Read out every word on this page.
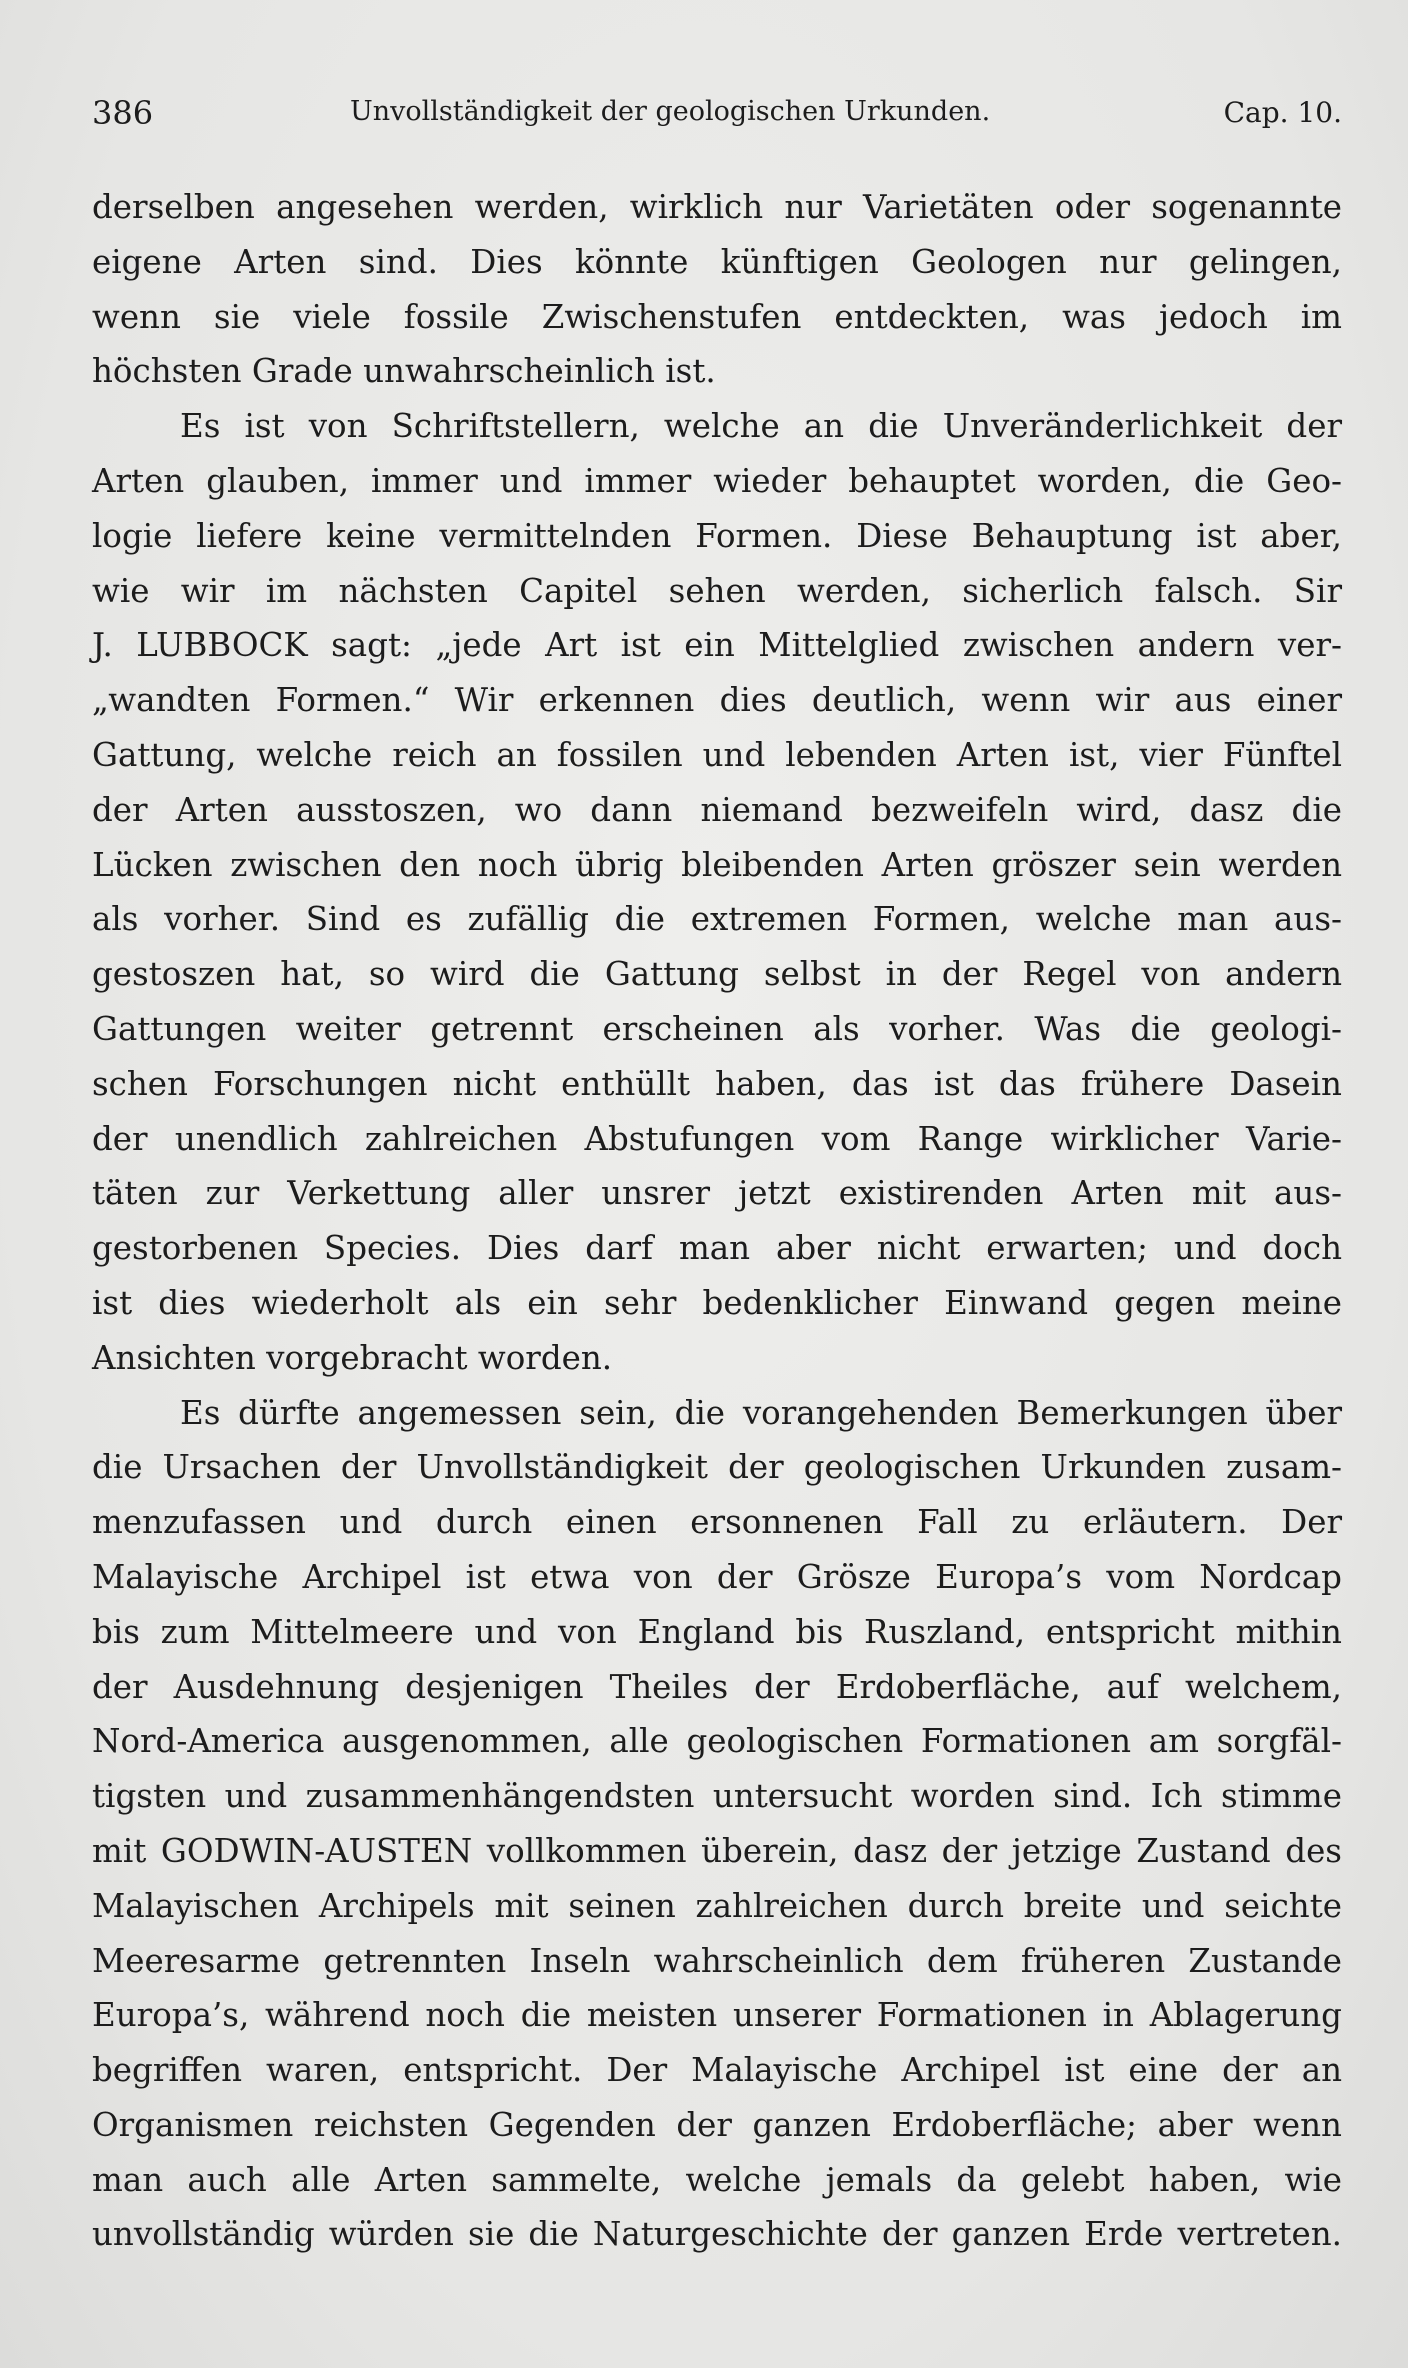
386	Unvollständigkeit der geologischen Urkunden.	Cap. 10.
derselben angesehen werden, wirklich nur Varietäten oder sogenannte
eigene Arten sind. Dies könnte künftigen Geologen nur gelingen,
wenn sie viele fossile Zwischenstufen entdeckten, was jedoch im
höchsten Grade unwahrscheinlich ist.
Es ist von Schriftstellern, welche an die Unveränderlichkeit der
Arten glauben, immer und immer wieder behauptet worden, die Geo-
logie liefere keine vermittelnden Formen. Diese Behauptung ist aber,
wie wir im nächsten Capitel sehen werden, sicherlich falsch. Sir
J. LUBBOCK sagt: „jede Art ist ein Mittelglied zwischen andern ver-
„wandten Formen.“ Wir erkennen dies deutlich, wenn wir aus einer
Gattung, welche reich an fossilen und lebenden Arten ist, vier Fünftel
der Arten ausstoszen, wo dann niemand bezweifeln wird, dasz die
Lücken zwischen den noch übrig bleibenden Arten gröszer sein werden
als vorher. Sind es zufällig die extremen Formen, welche man aus-
gestoszen hat, so wird die Gattung selbst in der Regel von andern
Gattungen weiter getrennt erscheinen als vorher. Was die geologi-
schen Forschungen nicht enthüllt haben, das ist das frühere Dasein
der unendlich zahlreichen Abstufungen vom Range wirklicher Varie-
täten zur Verkettung aller unsrer jetzt existirenden Arten mit aus-
gestorbenen Species. Dies darf man aber nicht erwarten; und doch
ist dies wiederholt als ein sehr bedenklicher Einwand gegen meine
Ansichten vorgebracht worden.
Es dürfte angemessen sein, die vorangehenden Bemerkungen über
die Ursachen der Unvollständigkeit der geologischen Urkunden zusam-
menzufassen und durch einen ersonnenen Fall zu erläutern. Der
Malayische Archipel ist etwa von der Grösze Europa’s vom Nordcap
bis zum Mittelmeere und von England bis Ruszland, entspricht mithin
der Ausdehnung desjenigen Theiles der Erdoberfläche, auf welchem,
Nord-America ausgenommen, alle geologischen Formationen am sorgfäl-
tigsten und zusammenhängendsten untersucht worden sind. Ich stimme
mit GODWIN-AUSTEN vollkommen überein, dasz der jetzige Zustand des
Malayischen Archipels mit seinen zahlreichen durch breite und seichte
Meeresarme getrennten Inseln wahrscheinlich dem früheren Zustande
Europa’s, während noch die meisten unserer Formationen in Ablagerung
begriffen waren, entspricht. Der Malayische Archipel ist eine der an
Organismen reichsten Gegenden der ganzen Erdoberfläche; aber wenn
man auch alle Arten sammelte, welche jemals da gelebt haben, wie
unvollständig würden sie die Naturgeschichte der ganzen Erde vertreten.
